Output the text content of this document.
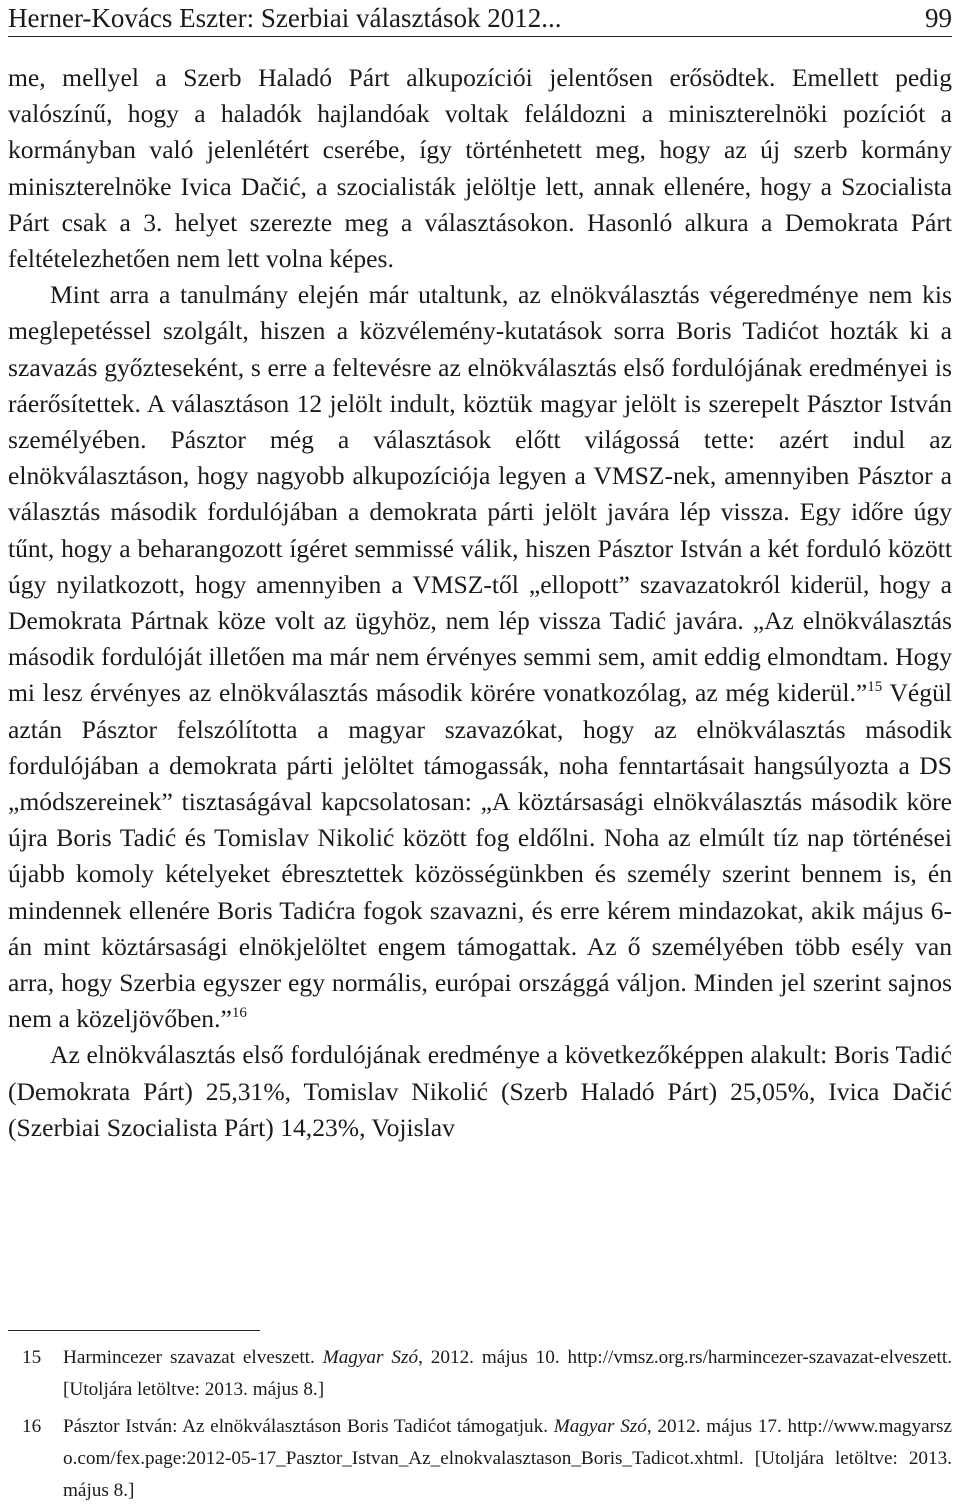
Herner-Kovács Eszter: Szerbiai választások 2012...	99

me, mellyel a Szerb Haladó Párt alkupozíciói jelentősen erősödtek. Emellett pedig valószínű, hogy a haladók hajlandóak voltak feláldozni a miniszterelnöki pozíciót a kormányban való jelenlétért cserébe, így történhetett meg, hogy az új szerb kormány miniszterelnöke Ivica Dačić, a szocialisták jelöltje lett, annak ellenére, hogy a Szocialista Párt csak a 3. helyet szerezte meg a választásokon. Hasonló alkura a Demokrata Párt feltételezhetően nem lett volna képes.

Mint arra a tanulmány elején már utaltunk, az elnökválasztás végeredménye nem kis meglepetéssel szolgált, hiszen a közvélemény-kutatások sorra Boris Tadićot hozták ki a szavazás győzteseként, s erre a feltevésre az elnökválasztás első fordulójának eredményei is ráerősítettek. A választáson 12 jelölt indult, köztük magyar jelölt is szerepelt Pásztor István személyében. Pásztor még a választások előtt világossá tette: azért indul az elnökválasztáson, hogy nagyobb alkupozíciója legyen a VMSZ-nek, amennyiben Pásztor a választás második fordulójában a demokrata párti jelölt javára lép vissza. Egy időre úgy tűnt, hogy a beharangozott ígéret semmissé válik, hiszen Pásztor István a két forduló között úgy nyilatkozott, hogy amennyiben a VMSZ-től „ellopott” szavazatokról kiderül, hogy a Demokrata Pártnak köze volt az ügyhöz, nem lép vissza Tadić javára. „Az elnökválasztás második fordulóját illetően ma már nem érvényes semmi sem, amit eddig elmondtam. Hogy mi lesz érvényes az elnökválasztás második körére vonatkozólag, az még kiderül.”$^{15}$ Végül aztán Pásztor felszólította a magyar szavazókat, hogy az elnökválasztás második fordulójában a demokrata párti jelöltet támogassák, noha fenntartásait hangsúlyozta a DS „módszereinek” tisztaságával kapcsolatosan: „A köztársasági elnökválasztás második köre újra Boris Tadić és Tomislav Nikolić között fog eldőlni. Noha az elmúlt tíz nap történései újabb komoly kételyeket ébresztettek közösségünkben és személy szerint bennem is, én mindennek ellenére Boris Tadićra fogok szavazni, és erre kérem mindazokat, akik május 6-án mint köztársasági elnökjelöltet engem támogattak. Az ő személyében több esély van arra, hogy Szerbia egyszer egy normális, európai országgá váljon. Minden jel szerint sajnos nem a közeljövőben.”$^{16}$

Az elnökválasztás első fordulójának eredménye a következőképpen alakult: Boris Tadić (Demokrata Párt) 25,31%, Tomislav Nikolić (Szerb Haladó Párt) 25,05%, Ivica Dačić (Szerbiai Szocialista Párt) 14,23%, Vojislav

15 Harmincezer szavazat elveszett. Magyar Szó, 2012. május 10. http://vmsz.org.rs/harmincezer-szavazat-elveszett. [Utoljára letöltve: 2013. május 8.]
16 Pásztor István: Az elnökválasztáson Boris Tadićot támogatjuk. Magyar Szó, 2012. május 17. http://www.magyarszo.com/fex.page:2012-05-17_Pasztor_Istvan_Az_elnokvalasztason_Boris_Tadicot.xhtml. [Utoljára letöltve: 2013. május 8.]
